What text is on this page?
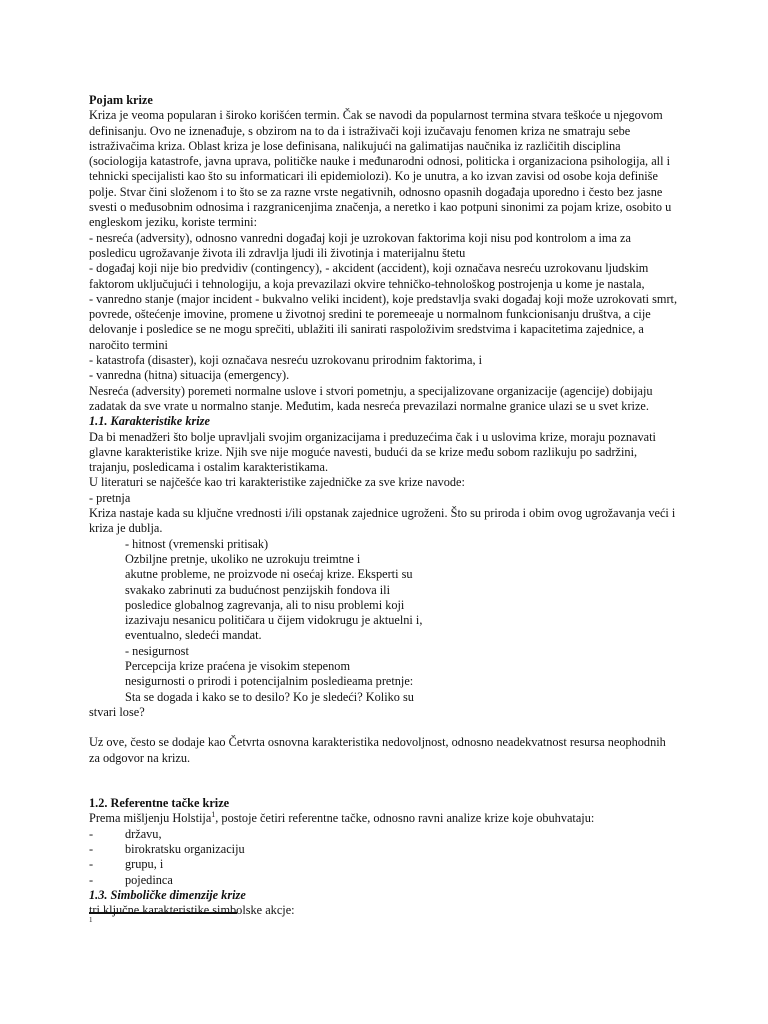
Pojam krize

Kriza je veoma popularan i široko korišćen termin. Čak se navodi da popularnost termina stvara teškoće u njegovom definisanju. Ovo ne iznenađuje, s obzirom na to da i istraživači koji izučavaju fenomen kriza ne smatraju sebe istraživačima kriza. Oblast kriza je lose definisana, nalikujući na galimatijas naučnika iz različitih disciplina (sociologija katastrofe, javna uprava, političke nauke i međunarodni odnosi, politicka i organizaciona psihologija, all i tehnicki specijalisti kao što su informaticari ili epidemiolozi). Ko je unutra, a ko izvan zavisi od osobe koja definiše polje. Stvar čini složenom i to što se za razne vrste negativnih, odnosno opasnih događaja uporedno i često bez jasne svesti o međusobnim odnosima i razgranicenjima značenja, a neretko i kao potpuni sinonimi za pojam krize, osobito u engleskom jeziku, koriste termini:

- nesreća (adversity), odnosno vanredni događaj koji je uzrokovan faktorima koji nisu pod kontrolom a ima za posledicu ugrožavanje života ili zdravlja ljudi ili životinja i materijalnu štetu

- događaj koji nije bio predvidiv (contingency), - akcident (accident), koji označava nesreću uzrokovanu ljudskim faktorom uključujući i tehnologiju, a koja prevazilazi okvire tehničko-tehnološkog postrojenja u kome je nastala,

- vanredno stanje (major incident - bukvalno veliki incident), koje predstavlja svaki događaj koji može uzrokovati smrt, povrede, oštećenje imovine, promene u životnoj sredini te poremeeaje u normalnom funkcionisanju društva, a cije delovanje i posledice se ne mogu sprečiti, ublažiti ili sanirati raspoloživim sredstvima i kapacitetima zajednice, a naročito termini

- katastrofa (disaster), koji označava nesreću uzrokovanu prirodnim faktorima, i

- vanredna (hitna) situacija (emergency).

Nesreća (adversity) poremeti normalne uslove i stvori pometnju, a specijalizovane organizacije (agencije) dobijaju zadatak da sve vrate u normalno stanje. Međutim, kada nesreća prevazilazi normalne granice ulazi se u svet krize.

1.1. Karakteristike krize

Da bi menadžeri što bolje upravljali svojim organizacijama i preduzećima čak i u uslovima krize, moraju poznavati glavne karakteristike krize. Njih sve nije moguće navesti, budući da se krize među sobom razlikuju po sadržini, trajanju, posledicama i ostalim karakteristikama.

U literaturi se najčešće kao tri karakteristike zajedničke za sve krize navode:

- pretnja

Kriza nastaje kada su ključne vrednosti i/ili opstanak zajednice ugroženi. Što su priroda i obim ovog ugrožavanja veći i kriza je dublja.

- hitnost (vremenski pritisak)
Ozbiljne pretnje, ukoliko ne uzrokuju treimtne i
akutne probleme, ne proizvode ni osećaj krize. Eksperti su
svakako zabrinuti za budućnost penzijskih fondova ili
posledice globalnog zagrevanja, ali to nisu problemi koji
izazivaju nesanicu političara u čijem vidokrugu je aktuelni i,
eventualno, sledeći mandat.
- nesigurnost
Percepcija krize praćena je visokim stepenom
nesigurnosti o prirodi i potencijalnim posledieama pretnje:
Sta se dogada i kako se to desilo? Ko je sledeći? Koliko su

stvari lose?

Uz ove, često se dodaje kao Četvrta osnovna karakteristika nedovoljnost, odnosno neadekvatnost resursa neophodnih za odgovor na krizu.

1.2. Referentne tačke krize

Prema mišljenju Holstija$^1$, postoje četiri referentne tačke, odnosno ravni analize krize koje obuhvataju:

-	državu,
-	birokratsku organizaciju
-	grupu, i
-	pojedinca

1.3. Simboličke dimenzije krize

tri ključne karakteristike simbolske akcje:

1
